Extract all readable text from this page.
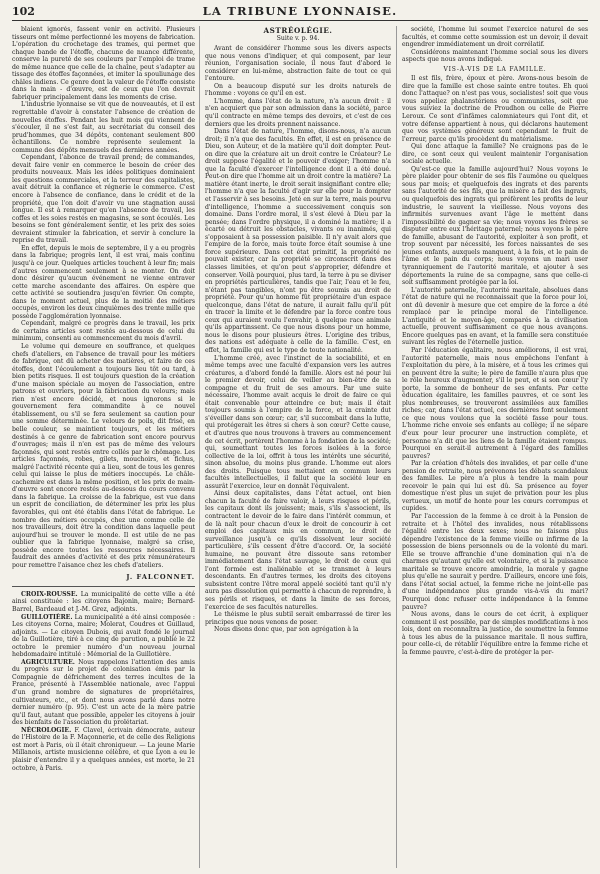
102	LA TRIBUNE LYONNAISE.

blaient ignorés, fassent venir en activité. Plusieurs tisseurs ont même perfectionné les moyens de fabrication. L'opération du crochetage des trames, qui permet que chaque bande de l'étoffe, chacune de nuance différente, conserve la pureté de ses couleurs par l'emploi de trame de même nuance que celle de la chaîne, peut s'adapter au tissage des étoffes façonnées, et imiter la spouliunage des châles indiens. Ce genre dont la valeur de l'étoffe consiste dans la main - d'œuvre, est de ceux que l'on devrait fabriquer principalement dans les moments de crise.

L'industrie lyonnaise se vit que de nouveautés, et il est regrettable d'avoir à constater l'absence de création de nouvelles étoffes. Pendant les huit mois qui viennent de s'écouler, il ne s'est fait, au secrétariat du conseil des prud'hommes, que 34 dépôts, contenant seulement 800 échantillons. Ce nombre représente seulement la commune des dépôts mensuels des dernières années.

Cependant, l'abonce de travail prend; de commandes, devait faire venir en commerce le besoin de créer des produits nouveaux. Mais les idées politiques dominaient les questions commerciales, et la terreur des capitalistes, avait détruit la confiance et régnerie le commerce. C'est encore à l'absence de confiance, dans le crédit et de la propriété, que l'on doit d'avoir vu une stagnation aussi longue. Il est à remarquer qu'en l'absence de travail, les coffes et les soies restés en magasins, se sont écoulés. Les besoins se font généralement sentir, et les prix des soies devraient stimuler la fabrication, et servir à conclure la reprise du travail.

En effet, depuis le mois de septembre, il y a eu progrès dans la fabrique; progrès lent, il est vrai, mais continu jusqu'à ce jour. Quelques articles touchent à leur fin; mais d'autres commencent seulement à se monter. On doit donc désirer qu'aucun événement ne vienne entraver cette marche ascendante des affaires. On espère que cette activité se soutiendra jusqu'en février. On compte, dans le moment actuel, plus de la moitié des métiers occupés, environ les deux cinquièmes des trente mille que possède l'agglomération lyonnaise.

Cependant, malgré ce progrès dans le travail, les prix de certains articles sont restés au-dessous de celui du minimum, consenti au commencement du mois d'avril.

Le volume qui demeure en souffrance, et quelques chefs d'ateliers, en l'absence de travail pour les métiers de fabrique, ont dû acheter des matières, et faire de ces étoffes, dont l'écoulement a toujours lieu tôt ou tard, à bien petits risques. Il est toujours question de la création d'une maison spéciale au moyen de l'association, entre patrons et ouvriers, pour la fabrication du velours; mais rien n'est encore décidé, et nous ignorons si le gouvernement fera commandite à ce nouvel établissement, ou s'il se fera seulement sa caution pour une somme déterminée. Le velours de poils, dit frisé, en belle couleur, se maintient toujours, et les métiers destinés à ce genre de fabrication sont encore pourvus d'ouvrages; mais il n'en est pas de même des velours façonnés, qui sont restés entre collés par le chômage. Les articles façonnés, robes, gilets, mouchoirs, et fichus, malgré l'activité récente qui a lieu, sont de tous les genres celui qui laisse le plus de métiers inoccupés. Le châle-cachemire est dans la même position, et les prix de main-d'œuvre sont encore restés au-dessous du cours convenu dans la fabrique. La croisse de la fabrique, est vue dans un esprit de conciliation, de déterminer les prix les plus favorables, qui ont été établis dans l'état de fabrique. Le nombre des métiers occupés, chez une comme celle de nos travailleurs, doit être la condition dans laquelle peut aujourd'hui se trouver le monde. Il est utile de ne pas oublier que la fabrique lyonnaise, malgré sa crise, possède encore toutes les ressources nécessaires. Il faudrait des années d'activité et des prix rémunérateurs pour remettre l'aisance chez les chefs d'ateliers.

J. FALCONNET.

CROIX-ROUSSE. La municipalité de cette ville a été ainsi constituée : les citoyens Bajonin, maire; Bernard-Barrel, Bardeaud et J.-M. Grez, adjoints.

GUILLOTIÈRE. La municipalité a été ainsi composée : Les citoyens Corna, maire; Molerat, Coudres et Guillaud, adjoints. — Le citoyen Dubois, qui avait fondé le journal de la Guillotière, tiré à ce cinq de parution, a publié le 22 octobre le premier numéro d'un nouveau journal hebdomadaire intitulé : Mémorial de la Guillotière.

AGRICULTURE. Nous rappelons l'attention des amis du progrès sur le projet de colonisation émis par la Compagnie de défrichement des terres incultes de la France, présenté à l'Assemblée nationale, avec l'appui d'un grand nombre de signatures de propriétaires, cultivateurs, etc., et dont nous avons parlé dans notre dernier numéro (p. 95). C'est un acte de la mère patrie qu'il faut, autant que possible, appeler les citoyens à jouir des bienfaits de l'association du prolétariat.

NÉCROLOGIE. F. Clavel, écrivain démocrate, auteur de l'Histoire de la F. Maçonnerie, et de celle des Religions est mort à Paris, où il était chroniqueur. — La jeune Marie Millanois, artiste musicienne célèbre, et que Lyon a eu le plaisir d'entendre il y a quelques années, est morte, le 21 octobre, à Paris.

ASTRÉOLÉGIE.
Suite v. p. 94.

Avant de considérer l'homme sous les divers aspects que nous venons d'indiquer, et qui composent, par leur réunion, l'organisation sociale, il nous faut d'abord le considérer en lui-même, abstraction faite de tout ce qui l'entoure.

On a beaucoup disputé sur les droits naturels de l'homme : voyons ce qu'il en est.

L'homme, dans l'état de la nature, n'a aucun droit : il n'en acquiert que par son admission dans la société, parce qu'il contracte en même temps des devoirs, et c'est de ces derniers que les droits prennent naissance.

Dans l'état de nature, l'homme, disons-nous, n'a aucun droit; il n'a que des facultés. En effet, il est en présence de Dieu, son Auteur, et de la matière qu'il doit dompter. Peut-on dire que la créature ait un droit contre le Créateur? Le droit suppose l'égalité et le pouvoir d'exiger; l'homme n'a que la faculté d'exercer l'intelligence dont il a été doué. Peut-on dire que l'homme ait un droit contre la matière? La matière étant inerte, le droit serait insignifiant contre elle; l'homme n'a que la faculté d'agir sur elle pour la dompter et l'asservir à ses besoins. Jeté en sur la terre, mais pourvu d'intelligence, l'homme a successivement conquis son domaine. Dans l'ordre moral, il s'est élevé à Dieu par la pensée; dans l'ordre physique, il a dominé la matière; il a écarté ou détruit les obstacles, vivants ou inanimés, qui s'opposaient à sa possession paisible. Il n'y avait alors que l'empire de la force, mais toute force était soumise à une force supérieure. Dans cet état primitif, la propriété ne pouvait exister, car la propriété se circonscrit dans des classes limitées, et qu'on peut s'approprier, défendre et conserver. Voilà pourquoi, plus tard, la terre à pu se diviser en propriétés particulières, tandis que l'air, l'eau et le feu, n'étant pas tangibles, n'ont pu être soumis au droit de propriété. Pour qu'un homme fût propriétaire d'un espace quelconque, dans l'état de nature, il aurait fallu qu'il pût en tracer la limite et le défendre par la force contre tous ceux qui auraient voulu l'envahir, à quelque race animale qu'ils appartinssent. Ce que nous disons pour un homme, nous le disons pour plusieurs êtres. L'origine des tribus, des nations est adéquate à celle de la famille. C'est, en effet, la famille qui est le type de toute nationalité.

L'homme créé, avec l'instinct de la sociabilité, et en même temps avec une faculté d'expansion vers les autres créatures, a d'abord fondé la famille. Alors est né pour lui le premier devoir, celui de veiller au bien-être de sa compagne et du fruit de ses amours. Par une suite nécessaire, l'homme avait acquis le droit de faire ce qui était convenable pour atteindre ce but; mais il était toujours soumis à l'empire de la force, et la crainte dut s'éveiller dans son cœur; car, s'il succombait dans la lutte, qui protégerait les êtres si chers à son cœur? Cette cause, et d'autres que nous trouvons à travers au commencement de cet écrit, portèrent l'homme à la fondation de la société; qui, soumettant toutes les forces isolées à la force collective de la loi, offrit à tous les intérêts une sécurité, sinon absolue, du moins plus grande. L'homme eut alors des droits. Puisque tous mettaient en commun leurs facultés intellectuelles, il fallut que la société leur en assurât l'exercice, leur en donnât l'équivalent.

Ainsi deux capitalistes, dans l'état actuel, ont bien chacun la faculté de faire valoir, à leurs risques et périls, les capitaux dont ils jouissent; mais, s'ils s'associent, ils contractent le devoir de le faire dans l'intérêt commun, et de là naît pour chacun d'eux le droit de concourir à cet emploi des capitaux mis en commun, le droit de surveillance jusqu'à ce qu'ils dissolvent leur société particulière, s'ils cessent d'être d'accord. Or, la société humaine, ne pouvant être dissoute sans retomber immédiatement dans l'état sauvage, le droit de ceux qui l'ont formée est inaliénable et se transmet à leurs descendants. En d'autres termes, les droits des citoyens subsistent contre l'être moral appelé société tant qu'il n'y aura pas dissolution qui permette à chacun de reprendre, à ses périls et risques, et dans la limite de ses forces, l'exercice de ses facultés naturelles.

Le théisme le plus subtil serait embarrassé de tirer les principes que nous venons de poser.

Nous disons donc que, par son agrégation à la

société, l'homme lui soumet l'exercice naturel de ses facultés, et comme cette soumission est un devoir, il devait engendrer immédiatement un droit corrélatif.

Considérons maintenant l'homme social sous les divers aspects que nous avons indiqué.

VIS-À-VIS DE LA FAMILLE.

Il est fils, frère, époux et père. Avons-nous besoin de dire que la famille est chose sainte entre toutes. Eh quoi donc l'attaque? on n'est pas vous, socialistes! soit que vous vous appeliez phalanstériens ou communistes, soit que vous suiviez la doctrine de Proudhon ou celle de Pierre Leroux. Ce sont d'infâmes calomniateurs qui l'ont dit, et votre défense appartient à nous, qui déclarons hautement que vos systèmes généreux sont cependant le fruit de l'erreur, parce qu'ils procèdent du matérialisme.

Qui donc attaque la famille? Ne craignons pas de le dire, ce sont ceux qui veulent maintenir l'organisation sociale actuelle.

Qu'est-ce que la famille aujourd'hui? Nous voyons le père plaider pour obtenir de ses fils l'aumône ou quelques sous par mois; et quelquefois des ingrats et des parents sans l'autorité de ses fils, que la misère a fait des ingrats, ou quelquefois des ingrats qui préfèrent les profits de leur industrie, le sauvent la vieillesse. Nous voyons des infirmités survenues avant l'âge le mettent dans l'impossibilité de gagner sa vie; nous voyons les frères se disputer entre eux l'héritage paternel; nous voyons le père de famille, abusant de l'autorité, exploiter à son profit, et trop souvent par nécessité, les forces naissantes de ses jeunes enfants, auxquels manquent, à la fois, et le pain de l'âme et le pain du corps; nous voyons un mari user tyranniquement de l'autorité maritale, et ajouter à ses déportements la ruine de sa compagne, sans que celle-ci soit suffisamment protégée par la loi.

L'autorité paternelle, l'autorité maritale, absolues dans l'état de nature qui ne reconnaissait que la force pour loi, ont dû devenir à mesure que cet empire de la force a été remplacé par le principe moral de l'intelligence. L'antiquité et le moyen-âge, comparés à la civilisation actuelle, prouvent suffisamment ce que nous avançons. Encore quelques pas en avant, et la famille sera constituée suivant les règles de l'éternelle justice.

Par l'éducation égalitaire, nous améliorons, il est vrai, l'autorité paternelle, mais nous empêchons l'enfant à l'exploitation du père, à la misère, et à tous les crimes qui en peuvent être la suite; le père de famille n'aura plus que le rôle heureux d'augmenter, s'il le peut, et si son cœur l'y porte, la somme de bonheur de ses enfants. Par cette éducation égalitaire, les familles pauvres, et ce sont les plus nombreuses, se trouveront assimilées aux familles riches; car, dans l'état actuel, ces dernières font seulement ce que nous voulons que la société fasse pour tous. L'homme riche envoie ses enfants au collège; il ne sépare d'eux pour leur procurer une instruction complète, et personne n'a dit que les liens de la famille étaient rompus. Pourquoi en serait-il autrement à l'égard des familles pauvres?

Par la création d'hôtels des invalides, et par celle d'une pension de retraite, nous prévenons les débats scandaleux des familles. Le père n'a plus à tendre la main pour recevoir le pain qui lui est dû. Sa présence au foyer domestique n'est plus un sujet de privation pour les plus vertueux, un motif de honte pour les cœurs corrompus et cupides.

Par l'accession de la femme à ce droit à la Pension de retraite et à l'hôtel des invalides, nous rétablissons l'égalité entre les deux sexes; nous ne faisons plus dépendre l'existence de la femme vieille ou infirme de la possession de biens personnels ou de la volonté du mari. Elle se trouve affranchie d'une domination qui n'a de charmes qu'autant qu'elle est volontaire, et si la puissance maritale se trouve encore amoindrie, la morale y gagne plus qu'elle ne saurait y perdre. D'ailleurs, encore une fois, dans l'état social actuel, la femme riche ne joint-elle pas d'une indépendance plus grande vis-à-vis du mari? Pourquoi donc refuser cette indépendance à la femme pauvre?

Nous avons, dans le cours de cet écrit, à expliquer comment il est possible, par de simples modifications à nos lois, dont on reconnaîtra la justice, de soumettre la femme à tous les abus de la puissance maritale. Il nous suffira, pour celle-ci, de rétablir l'équilibre entre la femme riche et la femme pauvre, c'est-à-dire de protéger la per-
